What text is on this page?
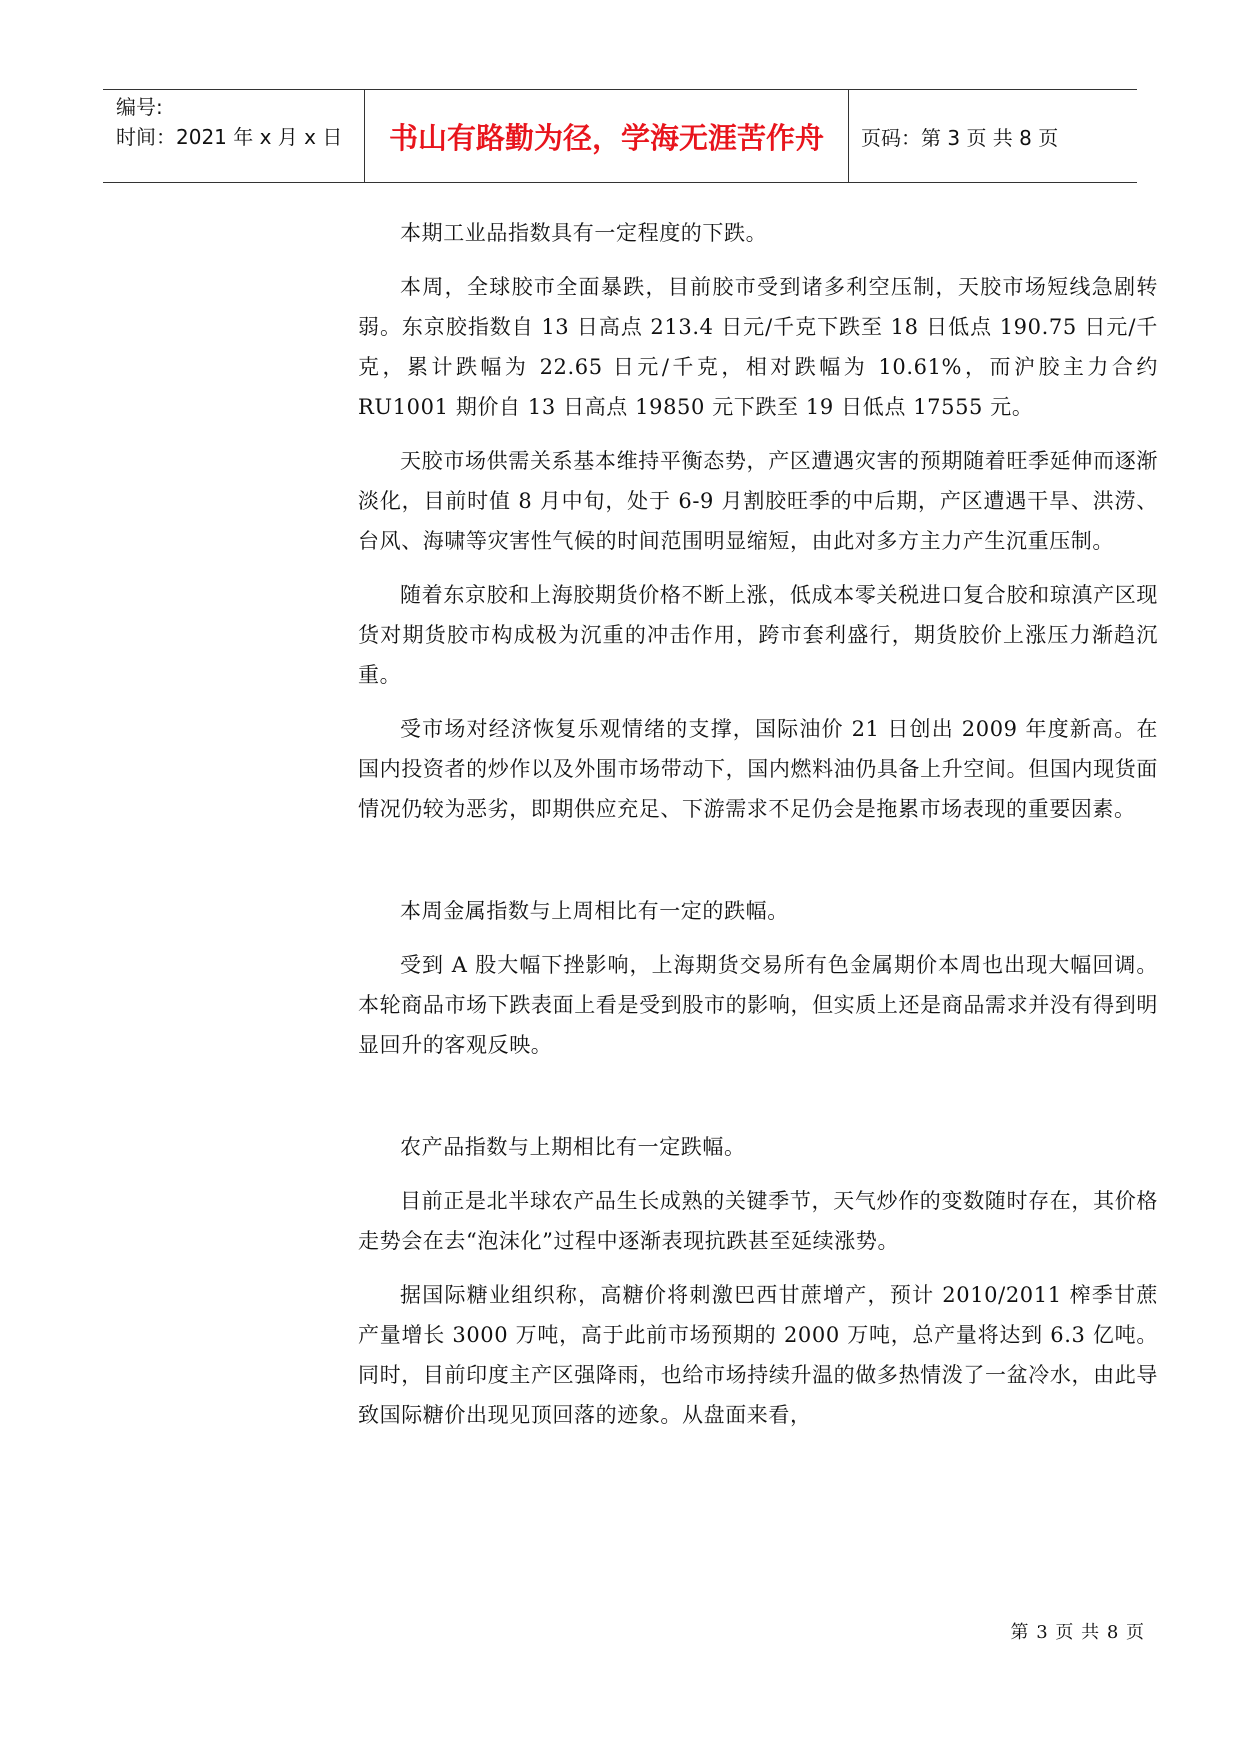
编号:
时间：2021 年 x 月 x 日	书山有路勤为径，学海无涯苦作舟	页码：第 3 页 共 8 页

本期工业品指数具有一定程度的下跌。

本周，全球胶市全面暴跌，目前胶市受到诸多利空压制，天胶市场短线急剧转弱。东京胶指数自 13 日高点 213.4 日元/千克下跌至 18 日低点 190.75 日元/千克，累计跌幅为 22.65 日元/千克，相对跌幅为 10.61%，而沪胶主力合约 RU1001 期价自 13 日高点 19850 元下跌至 19 日低点 17555 元。

天胶市场供需关系基本维持平衡态势，产区遭遇灾害的预期随着旺季延伸而逐渐淡化，目前时值 8 月中旬，处于 6-9 月割胶旺季的中后期，产区遭遇干旱、洪涝、台风、海啸等灾害性气候的时间范围明显缩短，由此对多方主力产生沉重压制。

随着东京胶和上海胶期货价格不断上涨，低成本零关税进口复合胶和琼滇产区现货对期货胶市构成极为沉重的冲击作用，跨市套利盛行，期货胶价上涨压力渐趋沉重。

受市场对经济恢复乐观情绪的支撑，国际油价 21 日创出 2009 年度新高。在国内投资者的炒作以及外围市场带动下，国内燃料油仍具备上升空间。但国内现货面情况仍较为恶劣，即期供应充足、下游需求不足仍会是拖累市场表现的重要因素。

本周金属指数与上周相比有一定的跌幅。

受到 A 股大幅下挫影响，上海期货交易所有色金属期价本周也出现大幅回调。本轮商品市场下跌表面上看是受到股市的影响，但实质上还是商品需求并没有得到明显回升的客观反映。

农产品指数与上期相比有一定跌幅。

目前正是北半球农产品生长成熟的关键季节，天气炒作的变数随时存在，其价格走势会在去“泡沫化”过程中逐渐表现抗跌甚至延续涨势。

据国际糖业组织称，高糖价将刺激巴西甘蔗增产，预计 2010/2011 榨季甘蔗产量增长 3000 万吨，高于此前市场预期的 2000 万吨，总产量将达到 6.3 亿吨。同时，目前印度主产区强降雨，也给市场持续升温的做多热情泼了一盆冷水，由此导致国际糖价出现见顶回落的迹象。从盘面来看，

第 3 页 共 8 页
